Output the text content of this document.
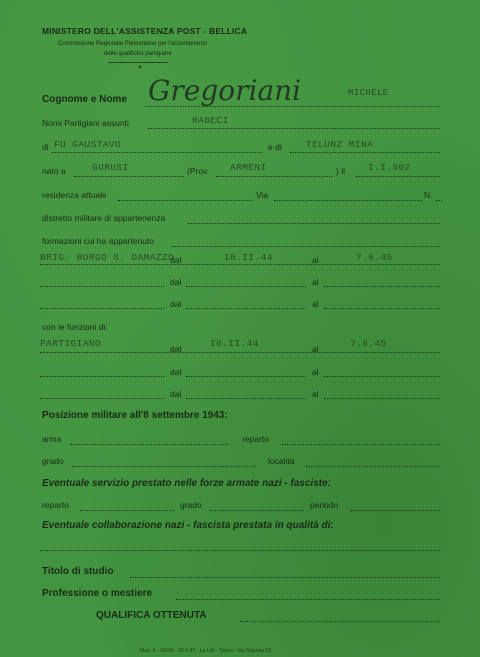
MINISTERO DELL'ASSISTENZA POST - BELLICA
Commissione Regionale Piemontese per l'accertamento
delle qualifiche partigiane
*
Cognome e Nome Gregoriani	MICHELE
Nomi Partigiani assunti	RABECI
di FU GAUSTAVO	e di	TELUNZ MINA
nato a	GURUSI	(Prov. ARMENI	) il I.I.902
residenza attuale	Via	N.
distretto militare di appartenenza
formazioni cui ha appartenuto
BRIG. BORGO S. DAMAZZO
dal	I6.II.44	al	7.6.45
dal	al
dal	al
con le funzioni di:
PARTIGIANO	dal	I6.II.44	al	7.6.45
dal	al
dal	al
Posizione militare all'8 settembre 1943:
arma	reparto
grado	località
Eventuale servizio prestato nelle forze armate nazi - fasciste:
reparto	grado	periodo
Eventuale collaborazione nazi - fascista prestata in qualità di:
Titolo di studio
Professione o mestiere
QUALIFICA OTTENUTA
Mod. 4 - 10000 - 28-1-47 - La Litò - Torino - Via Giacosa 19
